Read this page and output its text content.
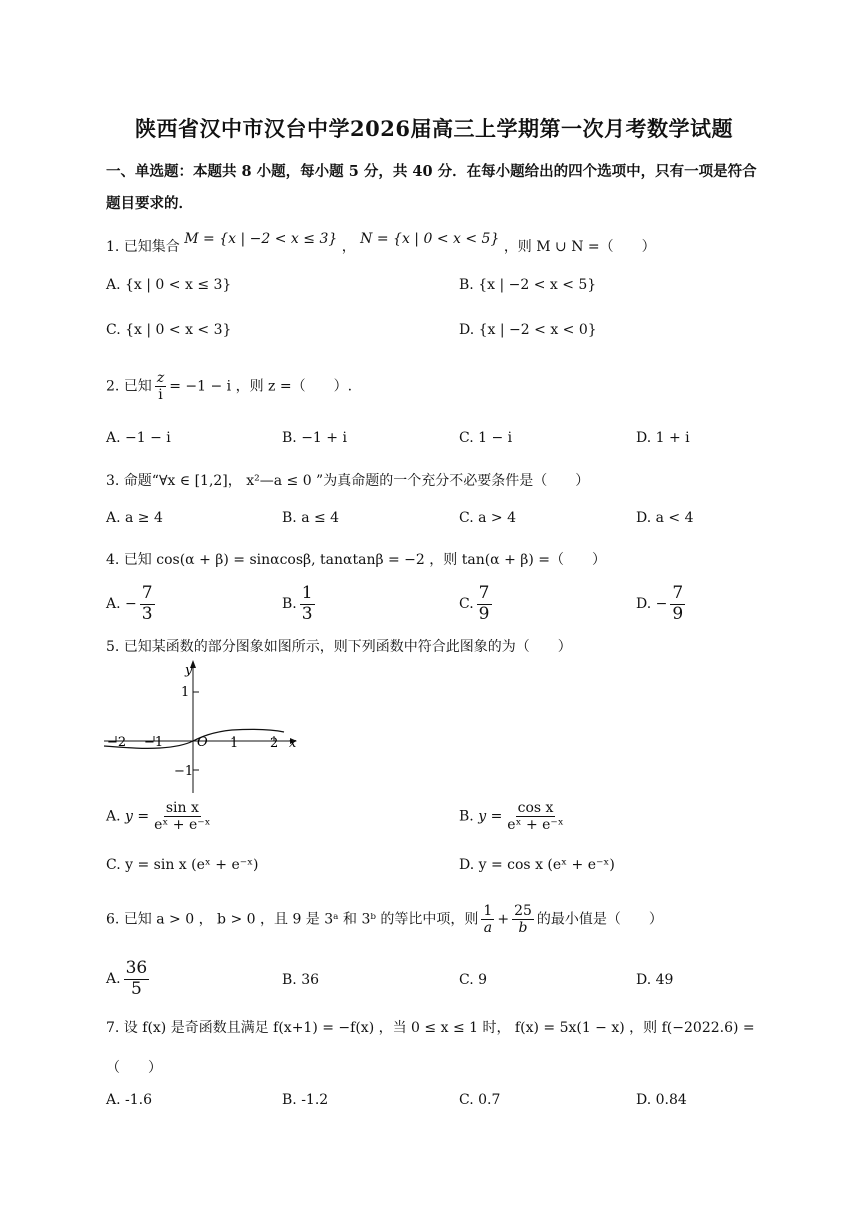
陕西省汉中市汉台中学2026届高三上学期第一次月考数学试题
一、单选题：本题共 8 小题，每小题 5 分，共 40 分．在每小题给出的四个选项中，只有一项是符合
题目要求的．
1. 已知集合 M = {x | −2 < x ≤ 3} ， N = {x | 0 < x < 5} ，则 M ∪ N =（　　）
A. {x | 0 < x ≤ 3}	B. {x | −2 < x < 5}
C. {x | 0 < x < 3}	D. {x | −2 < x < 0}
2. 已知 $\frac{z}{i} = -1 - i$ ，则 z =（　　）.
A. −1 − i	B. −1 + i	C. 1 − i	D. 1 + i
3. 命题“∀x ∈ [1,2]， x²—a ≤ 0 ”为真命题的一个充分不必要条件是（　　）
A. a ≥ 4	B. a ≤ 4	C. a > 4	D. a < 4
4. 已知 cos(α + β) = sinαcosβ, tanαtanβ = −2 ，则 tan(α + β) =（　　）
A. − $\frac{7}{3}$	B. $\frac{1}{3}$	C. $\frac{7}{9}$	D. − $\frac{7}{9}$
5. 已知某函数的部分图象如图所示，则下列函数中符合此图象的为（　　）
y
x
O
1
−1
−2 −1	1 2
A. $y = \frac{\text{sin x}}{\text{eˣ + e⁻ˣ}}$	B. $y = \frac{\text{cos x}}{\text{eˣ + e⁻ˣ}}$
C. y = sin x (eˣ + e⁻ˣ)	D. y = cos x (eˣ + e⁻ˣ)
6. 已知 a > 0 ， b > 0 ，且 9 是 3ᵃ 和 3ᵇ 的等比中项，则 $\frac{1}{a} + \frac{25}{b}$ 的最小值是（　　）
A. $\frac{36}{5}$	B. 36	C. 9	D. 49
7. 设 f(x) 是奇函数且满足 f(x+1) = −f(x) ，当 0 ≤ x ≤ 1 时， f(x) = 5x(1 − x) ，则 f(−2022.6) =
（　　）
A. -1.6	B. -1.2	C. 0.7	D. 0.84
